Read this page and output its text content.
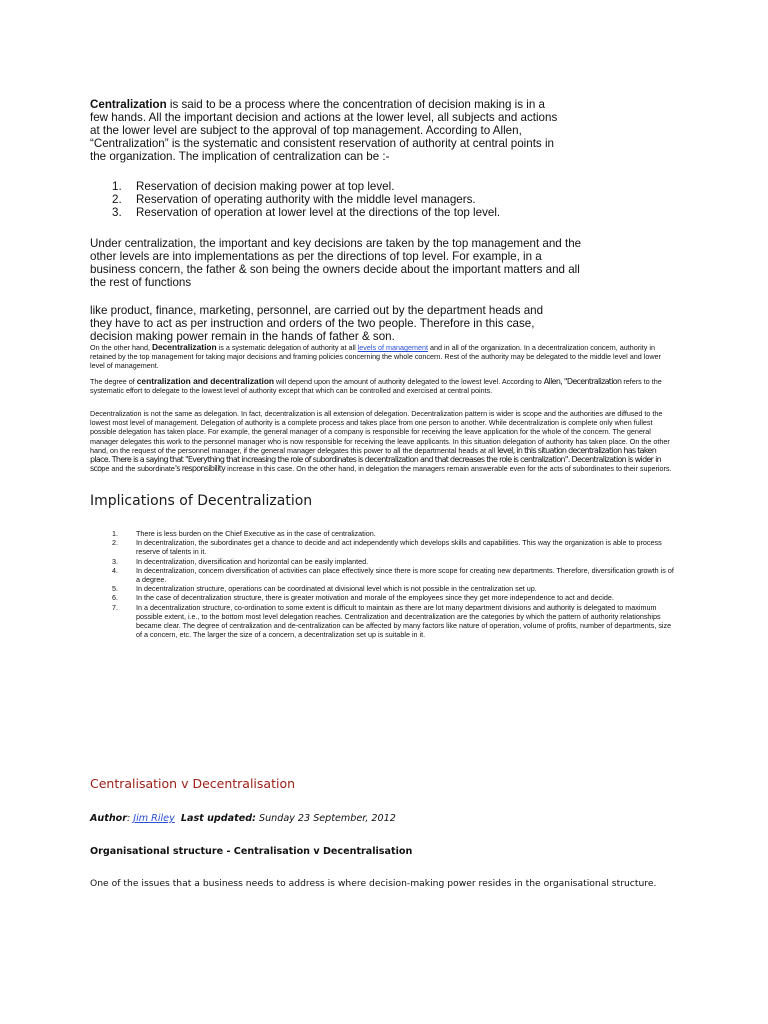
Centralization is said to be a process where the concentration of decision making is in a few hands. All the important decision and actions at the lower level, all subjects and actions at the lower level are subject to the approval of top management. According to Allen, “Centralization” is the systematic and consistent reservation of authority at central points in the organization. The implication of centralization can be :-
1. Reservation of decision making power at top level.
2. Reservation of operating authority with the middle level managers.
3. Reservation of operation at lower level at the directions of the top level.
Under centralization, the important and key decisions are taken by the top management and the other levels are into implementations as per the directions of top level. For example, in a business concern, the father & son being the owners decide about the important matters and all the rest of functions
like product, finance, marketing, personnel, are carried out by the department heads and they have to act as per instruction and orders of the two people. Therefore in this case, decision making power remain in the hands of father & son.
On the other hand, Decentralization is a systematic delegation of authority at all levels of management and in all of the organization. In a decentralization concern, authority in retained by the top management for taking major decisions and framing policies concerning the whole concern. Rest of the authority may be delegated to the middle level and lower level of management.
The degree of centralization and decentralization will depend upon the amount of authority delegated to the lowest level. According to Allen, "Decentralization refers to the systematic effort to delegate to the lowest level of authority except that which can be controlled and exercised at central points.
Decentralization is not the same as delegation. In fact, decentralization is all extension of delegation. Decentralization pattern is wider is scope and the authorities are diffused to the lowest most level of management. Delegation of authority is a complete process and takes place from one person to another. While decentralization is complete only when fullest possible delegation has taken place. For example, the general manager of a company is responsible for receiving the leave application for the whole of the concern. The general manager delegates this work to the personnel manager who is now responsible for receiving the leave applicants. In this situation delegation of authority has taken place. On the other hand, on the request of the personnel manager, if the general manager delegates this power to all the departmental heads at all level, in this situation decentralization has taken place. There is a saying that "Everything that increasing the role of subordinates is decentralization and that decreases the role is centralization". Decentralization is wider in scope and the subordinate's responsibility increase in this case. On the other hand, in delegation the managers remain answerable even for the acts of subordinates to their superiors.
Implications of Decentralization
1.	There is less burden on the Chief Executive as in the case of centralization.
2.	In decentralization, the subordinates get a chance to decide and act independently which develops skills and capabilities. This way the organization is able to process reserve of talents in it.
3.	In decentralization, diversification and horizontal can be easily implanted.
4.	In decentralization, concern diversification of activities can place effectively since there is more scope for creating new departments. Therefore, diversification growth is of a degree.
5.	In decentralization structure, operations can be coordinated at divisional level which is not possible in the centralization set up.
6.	In the case of decentralization structure, there is greater motivation and morale of the employees since they get more independence to act and decide.
7.	In a decentralization structure, co-ordination to some extent is difficult to maintain as there are lot many department divisions and authority is delegated to maximum possible extent, i.e., to the bottom most level delegation reaches. Centralization and decentralization are the categories by which the pattern of authority relationships became clear. The degree of centralization and de-centralization can be affected by many factors like nature of operation, volume of profits, number of departments, size of a concern, etc. The larger the size of a concern, a decentralization set up is suitable in it.
Centralisation v Decentralisation
Author: Jim Riley Last updated: Sunday 23 September, 2012
Organisational structure - Centralisation v Decentralisation
One of the issues that a business needs to address is where decision-making power resides in the organisational structure.
